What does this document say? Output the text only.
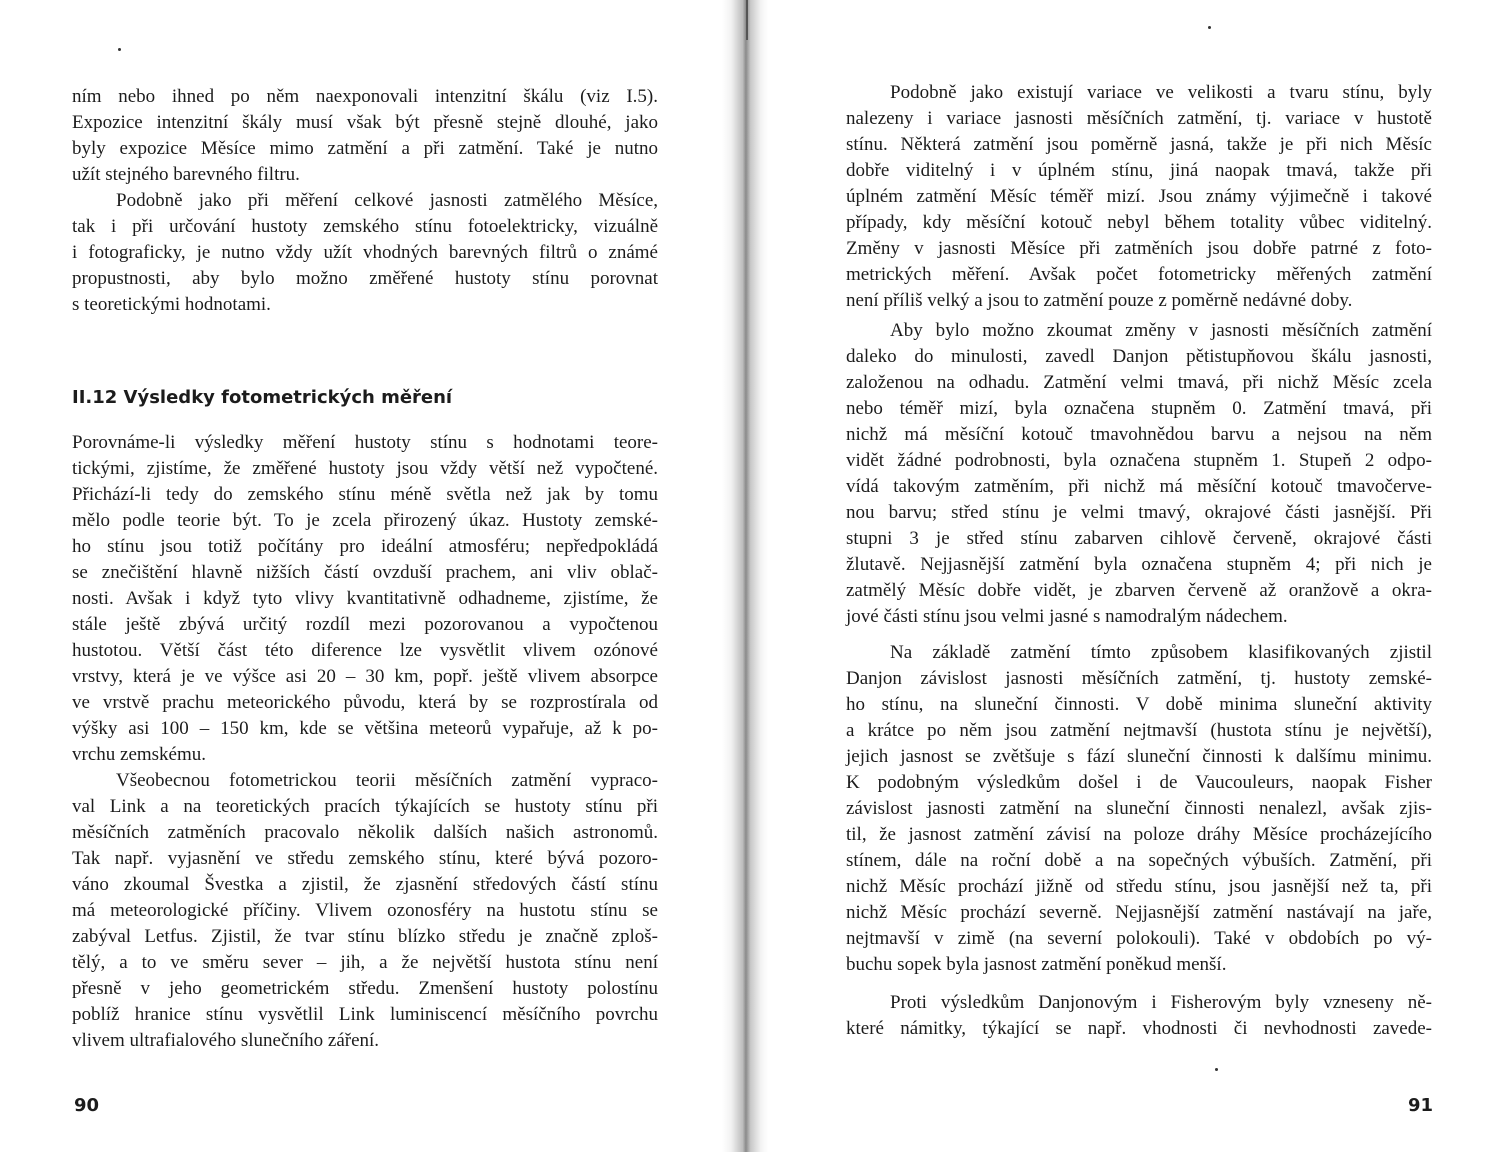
ním nebo ihned po něm naexponovali intenzitní škálu (viz I.5).
Expozice intenzitní škály musí však být přesně stejně dlouhé, jako
byly expozice Měsíce mimo zatmění a při zatmění. Také je nutno
užít stejného barevného filtru.
Podobně jako při měření celkové jasnosti zatmělého Měsíce,
tak i při určování hustoty zemského stínu fotoelektricky, vizuálně
i fotograficky, je nutno vždy užít vhodných barevných filtrů o známé
propustnosti, aby bylo možno změřené hustoty stínu porovnat
s teoretickými hodnotami.
II.12 Výsledky fotometrických měření
Porovnáme-li výsledky měření hustoty stínu s hodnotami teore-
tickými, zjistíme, že změřené hustoty jsou vždy větší než vypočtené.
Přichází-li tedy do zemského stínu méně světla než jak by tomu
mělo podle teorie být. To je zcela přirozený úkaz. Hustoty zemské-
ho stínu jsou totiž počítány pro ideální atmosféru; nepředpokládá
se znečištění hlavně nižších částí ovzduší prachem, ani vliv oblač-
nosti. Avšak i když tyto vlivy kvantitativně odhadneme, zjistíme, že
stále ještě zbývá určitý rozdíl mezi pozorovanou a vypočtenou
hustotou. Větší část této diference lze vysvětlit vlivem ozónové
vrstvy, která je ve výšce asi 20 – 30 km, popř. ještě vlivem absorpce
ve vrstvě prachu meteorického původu, která by se rozprostírala od
výšky asi 100 – 150 km, kde se většina meteorů vypařuje, až k po-
vrchu zemskému.
Všeobecnou fotometrickou teorii měsíčních zatmění vypraco-
val Link a na teoretických pracích týkajících se hustoty stínu při
měsíčních zatměních pracovalo několik dalších našich astronomů.
Tak např. vyjasnění ve středu zemského stínu, které bývá pozoro-
váno zkoumal Švestka a zjistil, že zjasnění středových částí stínu
má meteorologické příčiny. Vlivem ozonosféry na hustotu stínu se
zabýval Letfus. Zjistil, že tvar stínu blízko středu je značně zploš-
tělý, a to ve směru sever – jih, a že největší hustota stínu není
přesně v jeho geometrickém středu. Zmenšení hustoty polostínu
poblíž hranice stínu vysvětlil Link luminiscencí měsíčního povrchu
vlivem ultrafialového slunečního záření.
90
Podobně jako existují variace ve velikosti a tvaru stínu, byly
nalezeny i variace jasnosti měsíčních zatmění, tj. variace v hustotě
stínu. Některá zatmění jsou poměrně jasná, takže je při nich Měsíc
dobře viditelný i v úplném stínu, jiná naopak tmavá, takže při
úplném zatmění Měsíc téměř mizí. Jsou známy výjimečně i takové
případy, kdy měsíční kotouč nebyl během totality vůbec viditelný.
Změny v jasnosti Měsíce při zatměních jsou dobře patrné z foto-
metrických měření. Avšak počet fotometricky měřených zatmění
není příliš velký a jsou to zatmění pouze z poměrně nedávné doby.
Aby bylo možno zkoumat změny v jasnosti měsíčních zatmění
daleko do minulosti, zavedl Danjon pětistupňovou škálu jasnosti,
založenou na odhadu. Zatmění velmi tmavá, při nichž Měsíc zcela
nebo téměř mizí, byla označena stupněm 0. Zatmění tmavá, při
nichž má měsíční kotouč tmavohnědou barvu a nejsou na něm
vidět žádné podrobnosti, byla označena stupněm 1. Stupeň 2 odpo-
vídá takovým zatměním, při nichž má měsíční kotouč tmavočerve-
nou barvu; střed stínu je velmi tmavý, okrajové části jasnější. Při
stupni 3 je střed stínu zabarven cihlově červeně, okrajové části
žlutavě. Nejjasnější zatmění byla označena stupněm 4; při nich je
zatmělý Měsíc dobře vidět, je zbarven červeně až oranžově a okra-
jové části stínu jsou velmi jasné s namodralým nádechem.
Na základě zatmění tímto způsobem klasifikovaných zjistil
Danjon závislost jasnosti měsíčních zatmění, tj. hustoty zemské-
ho stínu, na sluneční činnosti. V době minima sluneční aktivity
a krátce po něm jsou zatmění nejtmavší (hustota stínu je největší),
jejich jasnost se zvětšuje s fází sluneční činnosti k dalšímu minimu.
K podobným výsledkům došel i de Vaucouleurs, naopak Fisher
závislost jasnosti zatmění na sluneční činnosti nenalezl, avšak zjis-
til, že jasnost zatmění závisí na poloze dráhy Měsíce procházejícího
stínem, dále na roční době a na sopečných výbuších. Zatmění, při
nichž Měsíc prochází jižně od středu stínu, jsou jasnější než ta, při
nichž Měsíc prochází severně. Nejjasnější zatmění nastávají na jaře,
nejtmavší v zimě (na severní polokouli). Také v obdobích po vý-
buchu sopek byla jasnost zatmění poněkud menší.
Proti výsledkům Danjonovým i Fisherovým byly vzneseny ně-
které námitky, týkající se např. vhodnosti či nevhodnosti zavede-
91
